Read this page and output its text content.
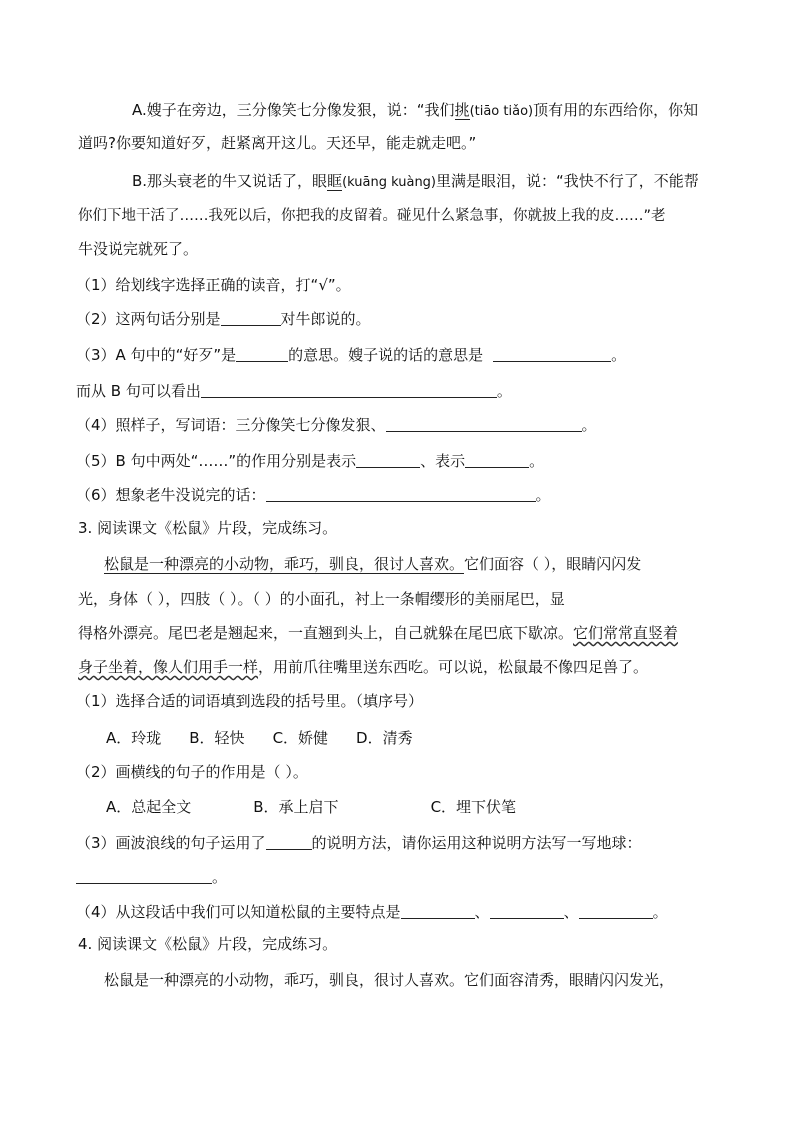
A.嫂子在旁边，三分像笑七分像发狠，说：“我们挑(tiāo tiǎo)顶有用的东西给你，你知
道吗?你要知道好歹，赶紧离开这儿。天还早，能走就走吧。”
B.那头衰老的牛又说话了，眼眶(kuāng kuàng)里满是眼泪，说：“我快不行了，不能帮
你们下地干活了……我死以后，你把我的皮留着。碰见什么紧急事，你就披上我的皮……”老
牛没说完就死了。
（1）给划线字选择正确的读音，打“√”。
（2）这两句话分别是	对牛郎说的。
（3）A 句中的“好歹”是	的意思。嫂子说的话的意思是	。
而从 B 句可以看出	。
（4）照样子，写词语：三分像笑七分像发狠、	。
（5）B 句中两处“……”的作用分别是表示	、表示	。
（6）想象老牛没说完的话：	。
3. 阅读课文《松鼠》片段，完成练习。
松鼠是一种漂亮的小动物，乖巧，驯良，很讨人喜欢。它们面容（ ），眼睛闪闪发
光，身体（ ），四肢（ ）。（ ）的小面孔，衬上一条帽缨形的美丽尾巴，显
得格外漂亮。尾巴老是翘起来，一直翘到头上，自己就躲在尾巴底下歇凉。它们常常直竖着
身子坐着，像人们用手一样，用前爪往嘴里送东西吃。可以说，松鼠最不像四足兽了。
（1）选择合适的词语填到选段的括号里。（填序号）
A．玲珑 B．轻快 C．娇健 D．清秀
（2）画横线的句子的作用是（ ）。
A．总起全文	B．承上启下	C．埋下伏笔
（3）画波浪线的句子运用了	的说明方法，请你运用这种说明方法写一写地球：
。
（4）从这段话中我们可以知道松鼠的主要特点是	、	、	。
4. 阅读课文《松鼠》片段，完成练习。
松鼠是一种漂亮的小动物，乖巧，驯良，很讨人喜欢。它们面容清秀，眼睛闪闪发光，
